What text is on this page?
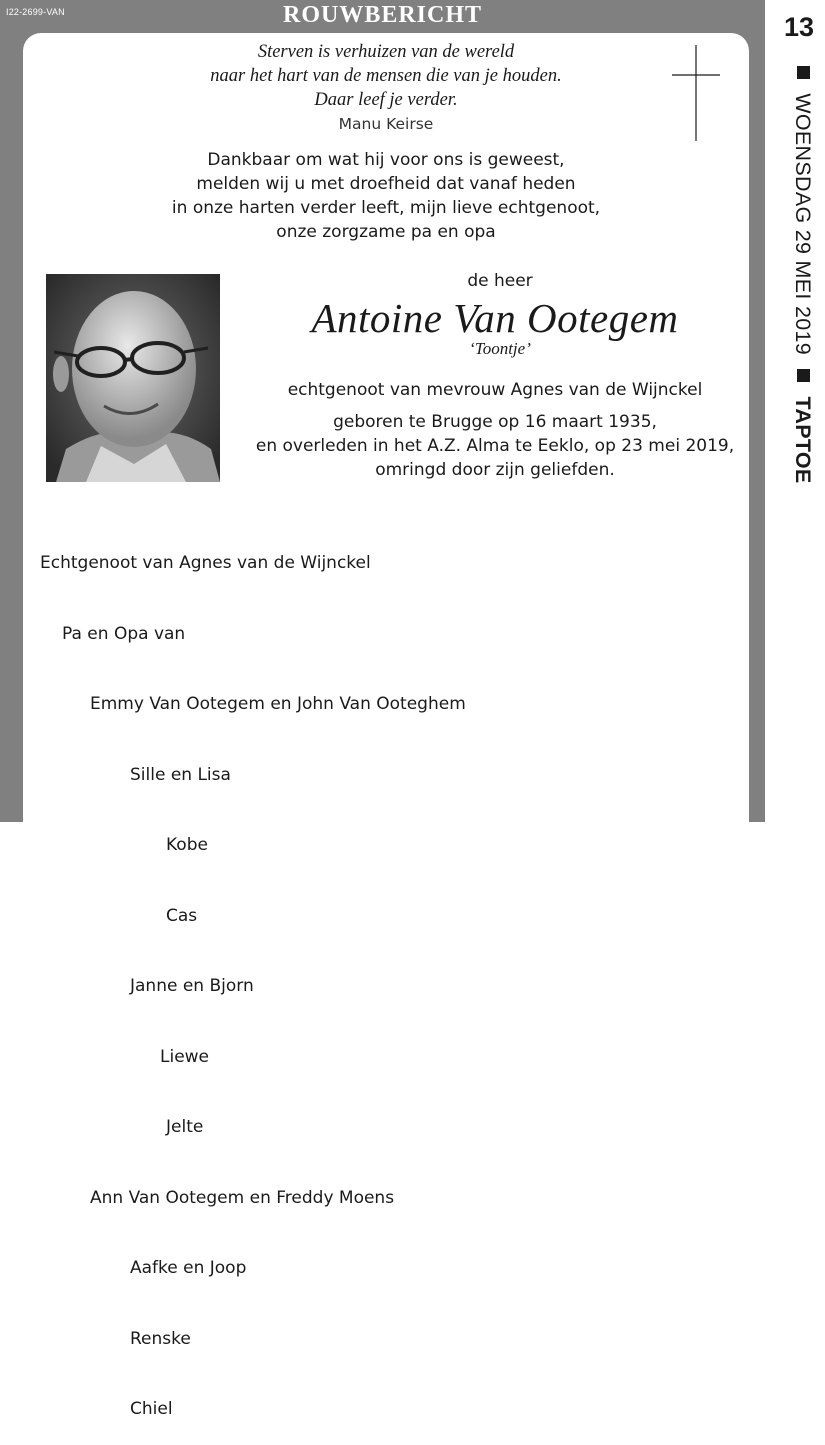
I22-2699-VAN	ROUWBERICHT
Sterven is verhuizen van de wereld
naar het hart van de mensen die van je houden.
Daar leef je verder.
Manu Keirse
Dankbaar om wat hij voor ons is geweest,
melden wij u met droefheid dat vanaf heden
in onze harten verder leeft, mijn lieve echtgenoot,
onze zorgzame pa en opa
de heer
Antoine Van Ootegem
‘Toontje’
echtgenoot van mevrouw Agnes van de Wijnckel
geboren te Brugge op 16 maart 1935,
en overleden in het A.Z. Alma te Eeklo, op 23 mei 2019,
omringd door zijn geliefden.

Echtgenoot van Agnes van de Wijnckel

Pa en Opa van

Emmy Van Ootegem en John Van Ooteghem

Sille en Lisa

Kobe

Cas

Janne en Bjorn

Liewe

Jelte

Ann Van Ootegem en Freddy Moens

Aafke en Joop

Renske

Chiel

13
WOENSDAG 29 MEI 2019  TAPTOE
